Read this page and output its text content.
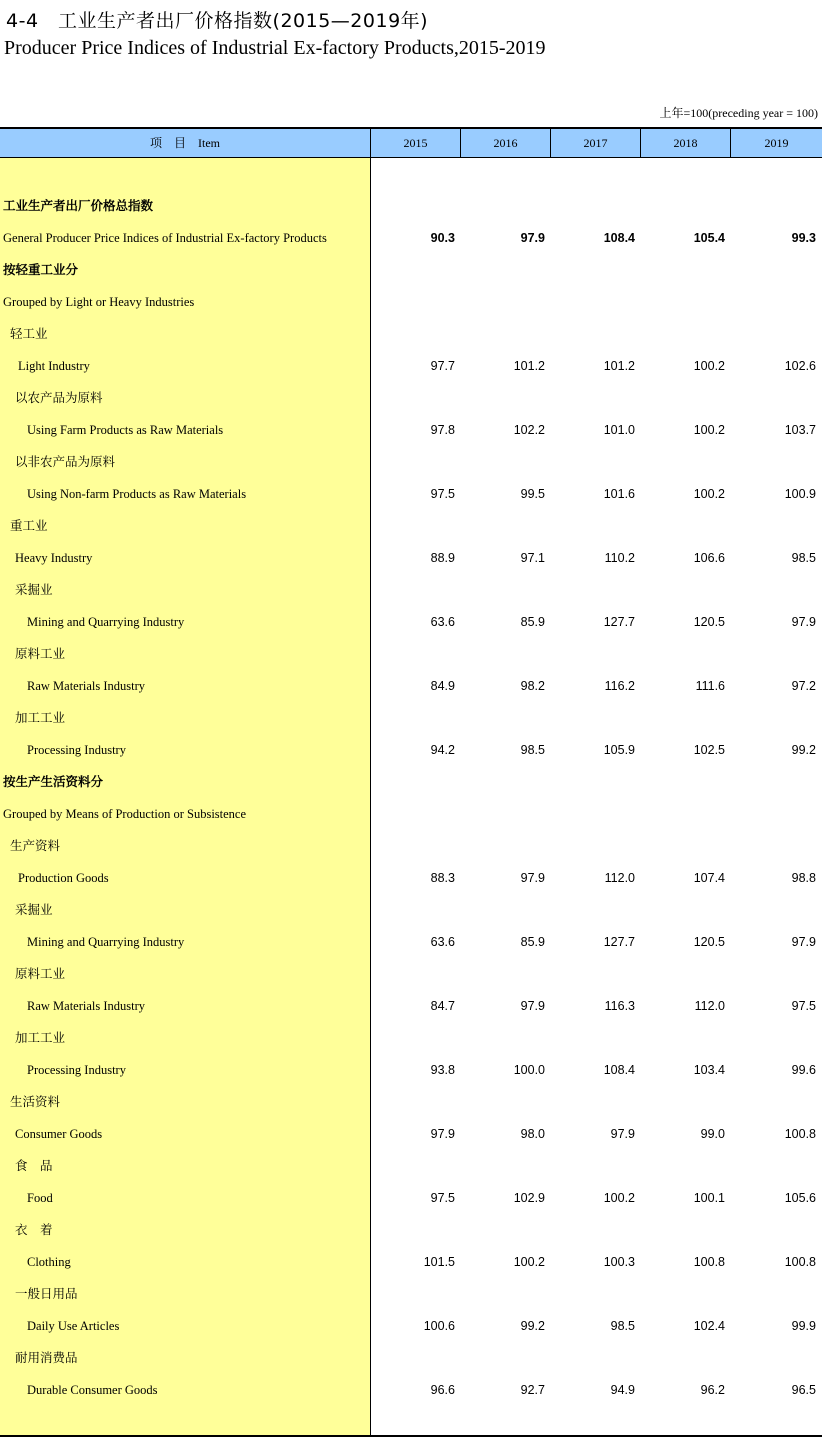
4-4　工业生产者出厂价格指数(2015—2019年)
Producer Price Indices of Industrial Ex-factory Products,2015-2019
上年=100(preceding year = 100)
项　目　Item	2015	2016	2017	2018	2019
工业生产者出厂价格总指数
General Producer Price Indices of Industrial Ex-factory Products	90.3	97.9	108.4	105.4	99.3
按轻重工业分
Grouped by Light or Heavy Industries
轻工业
Light Industry	97.7	101.2	101.2	100.2	102.6
以农产品为原料
Using Farm Products as Raw Materials	97.8	102.2	101.0	100.2	103.7
以非农产品为原料
Using Non-farm Products as Raw Materials	97.5	99.5	101.6	100.2	100.9
重工业
Heavy Industry	88.9	97.1	110.2	106.6	98.5
采掘业
Mining and Quarrying Industry	63.6	85.9	127.7	120.5	97.9
原料工业
Raw Materials Industry	84.9	98.2	116.2	111.6	97.2
加工工业
Processing Industry	94.2	98.5	105.9	102.5	99.2
按生产生活资料分
Grouped by Means of Production or Subsistence
生产资料
Production Goods	88.3	97.9	112.0	107.4	98.8
采掘业
Mining and Quarrying Industry	63.6	85.9	127.7	120.5	97.9
原料工业
Raw Materials Industry	84.7	97.9	116.3	112.0	97.5
加工工业
Processing Industry	93.8	100.0	108.4	103.4	99.6
生活资料
Consumer Goods	97.9	98.0	97.9	99.0	100.8
食　品
Food	97.5	102.9	100.2	100.1	105.6
衣　着
Clothing	101.5	100.2	100.3	100.8	100.8
一般日用品
Daily Use Articles	100.6	99.2	98.5	102.4	99.9
耐用消费品
Durable Consumer Goods	96.6	92.7	94.9	96.2	96.5
